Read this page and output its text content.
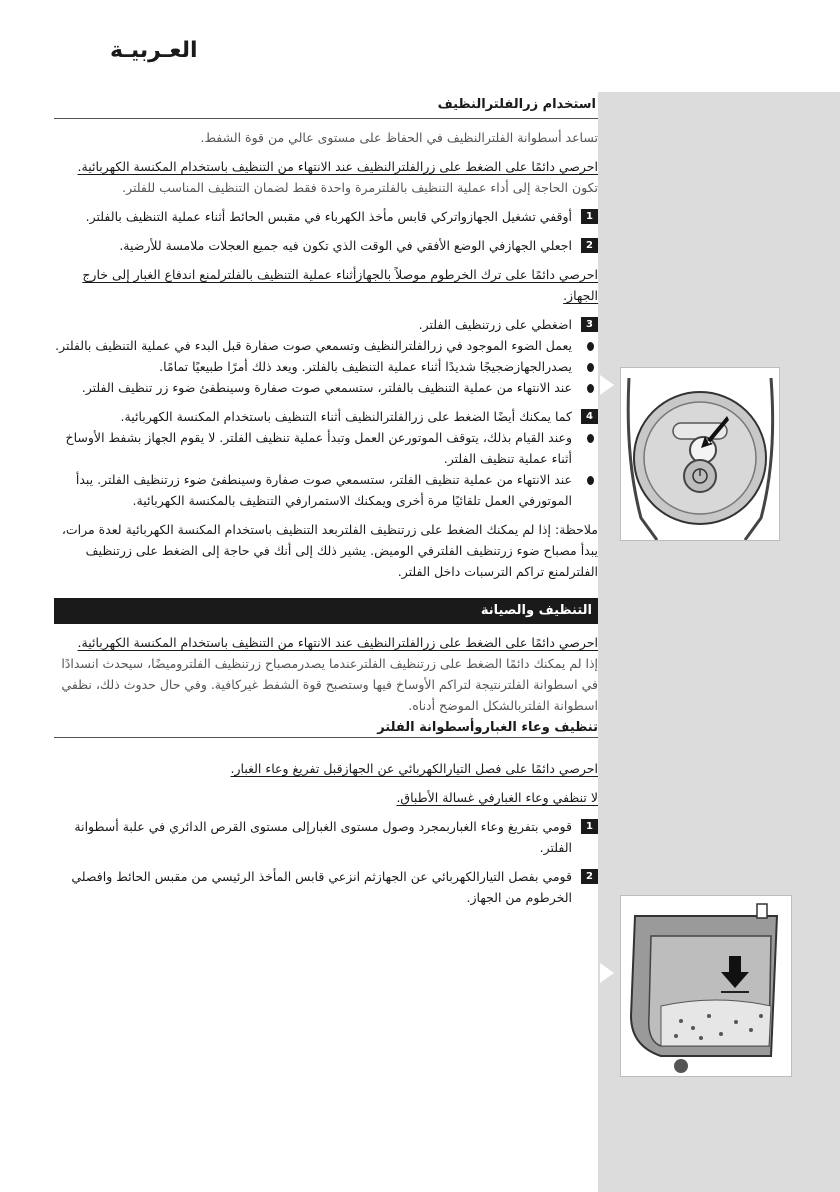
العـربيـة
استخدام زرالفلترالنظيف

تساعد أسطوانة الفلترالنظيف في الحفاظ على مستوى عالي من قوة الشفط.

احرصي دائمًا على الضغط على زرالفلترالنظيف عند الانتهاء من التنظيف باستخدام المكنسة الكهربائية.

تكون الحاجة إلى أداء عملية التنظيف بالفلترمرة واحدة فقط لضمان التنظيف المناسب للفلتر.

1
أوقفي تشغيل الجهازواتركي قابس مأخذ الكهرباء في مقبس الحائط أثناء عملية التنظيف بالفلتر.
2
اجعلي الجهازفي الوضع الأفقي في الوقت الذي تكون فيه جميع العجلات ملامسة للأرضية.

احرصي دائمًا على ترك الخرطوم موصلاً بالجهازأثناء عملية التنظيف بالفلترلمنع اندفاع الغبار إلى خارج الجهاز.

3
اضغطي على زرتنظيف الفلتر.
يعمل الضوء الموجود في زرالفلترالنظيف وتسمعي صوت صفارة قبل البدء في عملية التنظيف بالفلتر.
يصدرالجهازضجيجًا شديدًا أثناء عملية التنظيف بالفلتر. ويعد ذلك أمرًا طبيعيًا تمامًا.
عند الانتهاء من عملية التنظيف بالفلتر، ستسمعي صوت صفارة وسينطفئ ضوء زر تنظيف الفلتر.
4
كما يمكنك أيضًا الضغط على زرالفلترالنظيف أثناء التنظيف باستخدام المكنسة الكهربائية.
وعند القيام بذلك، يتوقف الموتورعن العمل وتبدأ عملية تنظيف الفلتر. لا يقوم الجهاز بشفط الأوساخ أثناء عملية تنظيف الفلتر.
عند الانتهاء من عملية تنظيف الفلتر، ستسمعي صوت صفارة وسينطفئ ضوء زرتنظيف الفلتر. يبدأ الموتورفي العمل تلقائيًا مرة أخرى ويمكنك الاستمرارفي التنظيف بالمكنسة الكهربائية.

ملاحظة: إذا لم يمكنك الضغط على زرتنظيف الفلتربعد التنظيف باستخدام المكنسة الكهربائية لعدة مرات، يبدأ مصباح ضوء زرتنظيف الفلترفي الوميض. يشير ذلك إلى أنك في حاجة إلى الضغط على زرتنظيف الفلترلمنع تراكم الترسبات داخل الفلتر.

التنظيف والصيانة

احرصي دائمًا على الضغط على زرالفلترالنظيف عند الانتهاء من التنظيف باستخدام المكنسة الكهربائية.

إذا لم يمكنك دائمًا الضغط على زرتنظيف الفلترعندما يصدرمصباح زرتنظيف الفلتروميضًا، سيحدث انسدادًا في اسطوانة الفلترنتيجة لتراكم الأوساخ فيها وستصبح قوة الشفط غيركافية. وفي حال حدوث ذلك، نظفي اسطوانة الفلتربالشكل الموضح أدناه.

تنظيف وعاء الغباروأسطوانة الفلتر

احرصي دائمًا على فصل التيارالكهربائي عن الجهازقبل تفريغ وعاء الغبار.

لا تنظفي وعاء الغبارفي غسالة الأطباق.

1
قومي بتفريغ وعاء الغباربمجرد وصول مستوى الغبارإلى مستوى القرص الدائري في علبة أسطوانة الفلتر.
2
قومي بفصل التيارالكهربائي عن الجهازثم انزعي قابس المأخذ الرئيسي من مقبس الحائط وافصلي الخرطوم من الجهاز.
